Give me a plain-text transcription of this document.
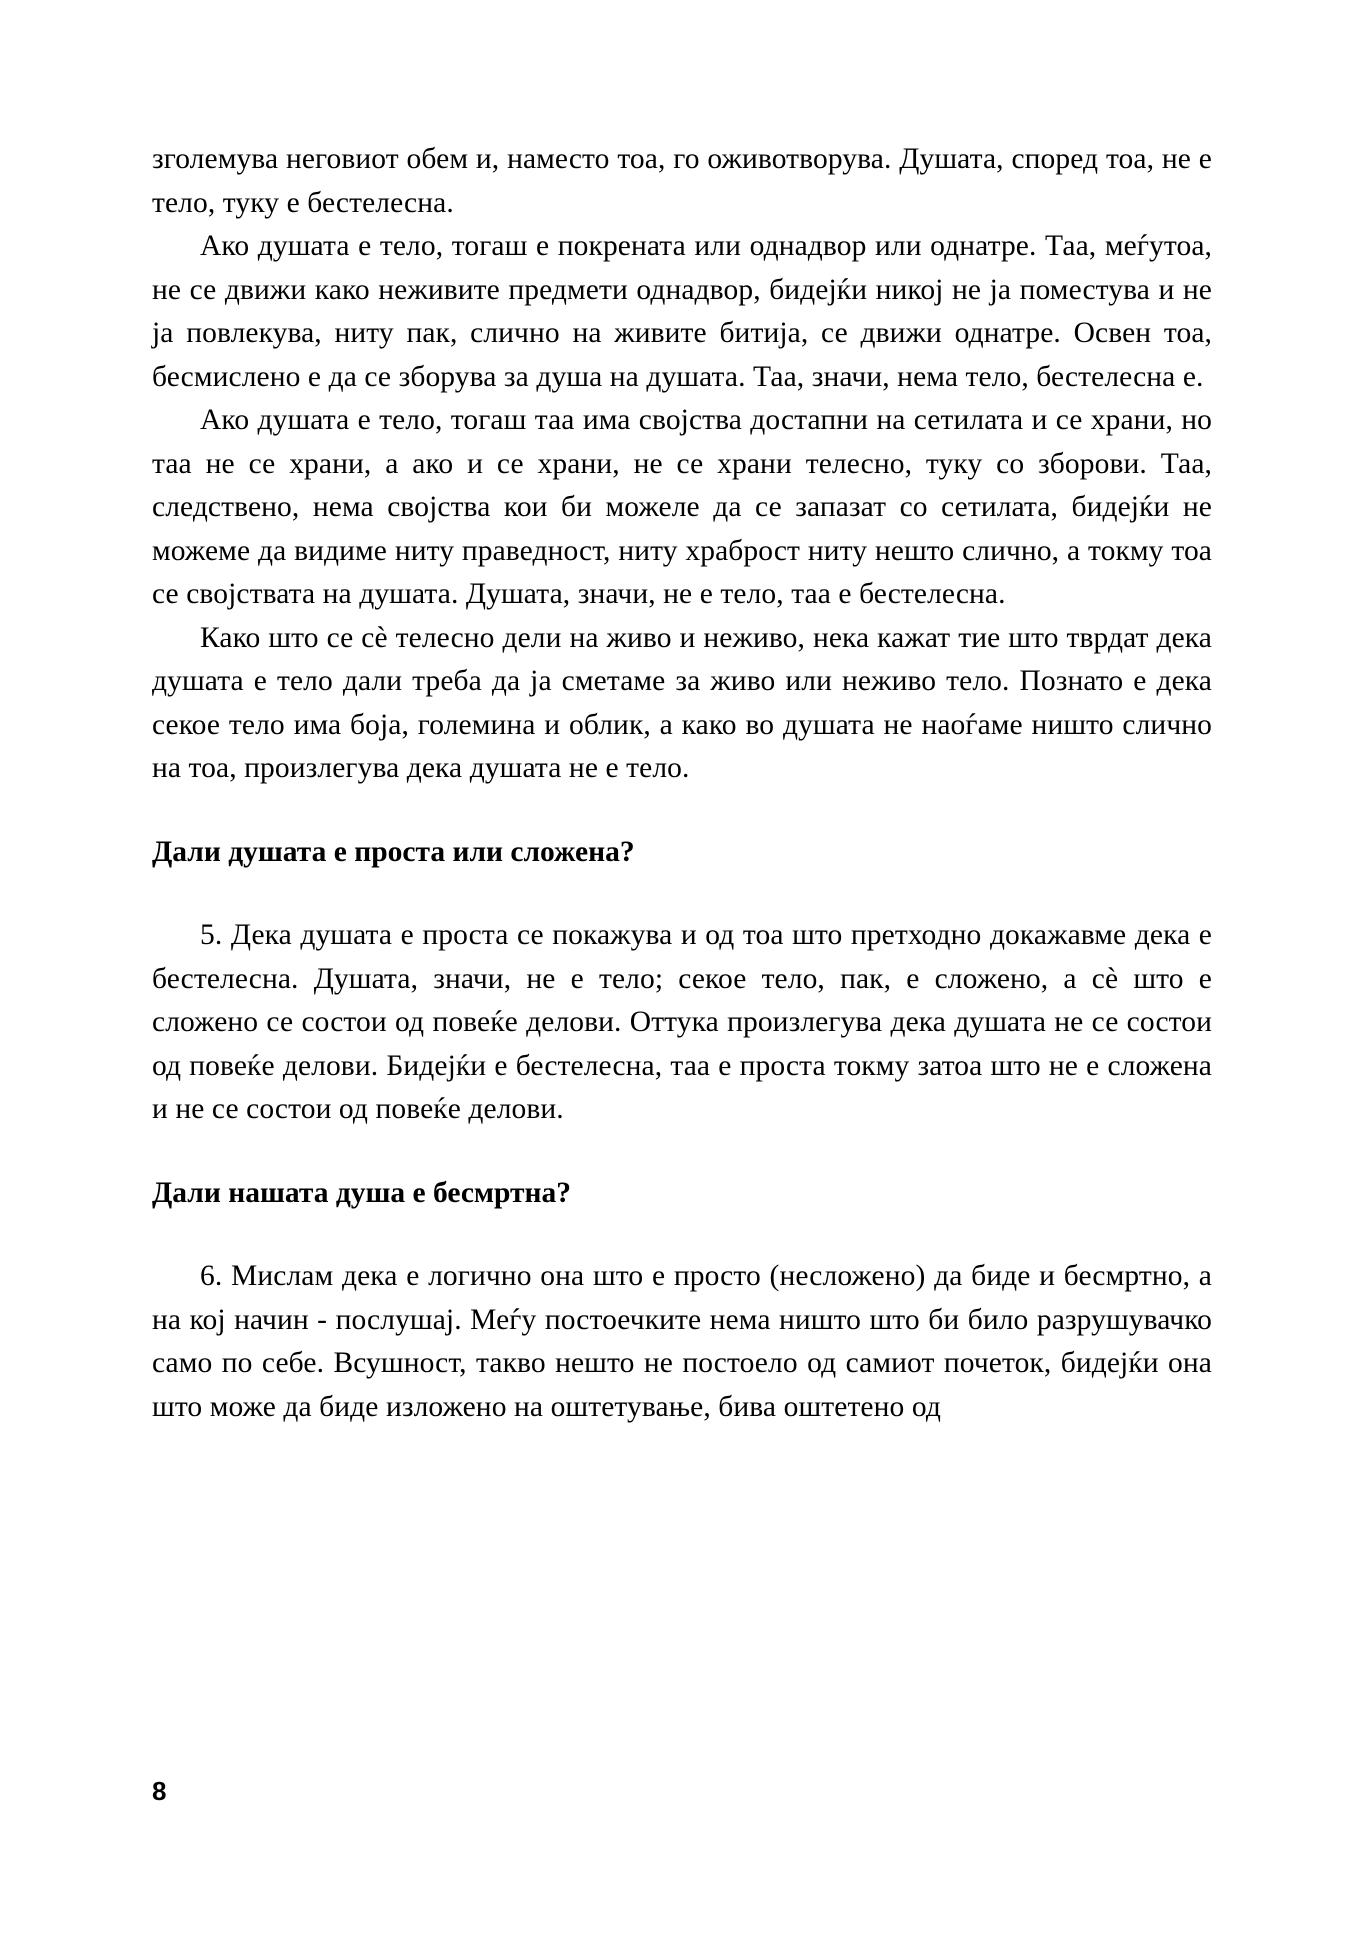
зголемува неговиот обем и, наместо тоа, го оживотворува. Душата, според тоа, не е тело, туку е бестелесна.

Ако душата е тело, тогаш е покрената или однадвор или однатре. Таа, меѓутоа, не се движи како неживите предмети однадвор, бидејќи никој не ја поместува и не ја повлекува, ниту пак, слично на живите битија, се движи однатре. Освен тоа, бесмислено е да се зборува за душа на душата. Таа, значи, нема тело, бестелесна е.

Ако душата е тело, тогаш таа има својства достапни на сетилата и се храни, но таа не се храни, а ако и се храни, не се храни телесно, туку со зборови. Таа, следствено, нема својства кои би можеле да се запазат со сетилата, бидејќи не можеме да видиме ниту праведност, ниту храброст ниту нешто слично, а токму тоа се својствата на душата. Душата, значи, не е тело, таа е бестелесна.

Како што се сѐ телесно дели на живо и неживо, нека кажат тие што тврдат дека душата е тело дали треба да ја сметаме за живо или неживо тело. Познато е дека секое тело има боја, големина и облик, а како во душата не наоѓаме ништо слично на тоа, произлегува дека душата не е тело.

Дали душата е проста или сложена?

5. Дека душата е проста се покажува и од тоа што претходно докажавме дека е бестелесна. Душата, значи, не е тело; секое тело, пак, е сложено, а сѐ што е сложено се состои од повеќе делови. Оттука произлегува дека душата не се состои од повеќе делови. Бидејќи е бестелесна, таа е проста токму затоа што не е сложена и не се состои од повеќе делови.

Дали нашата душа е бесмртна?

6. Мислам дека е логично она што е просто (несложено) да биде и бесмртно, а на кој начин - послушај. Меѓу постоечките нема ништо што би било разрушувачко само по себе. Всушност, такво нешто не постоело од самиот почеток, бидејќи она што може да биде изложено на оштетување, бива оштетено од

8
